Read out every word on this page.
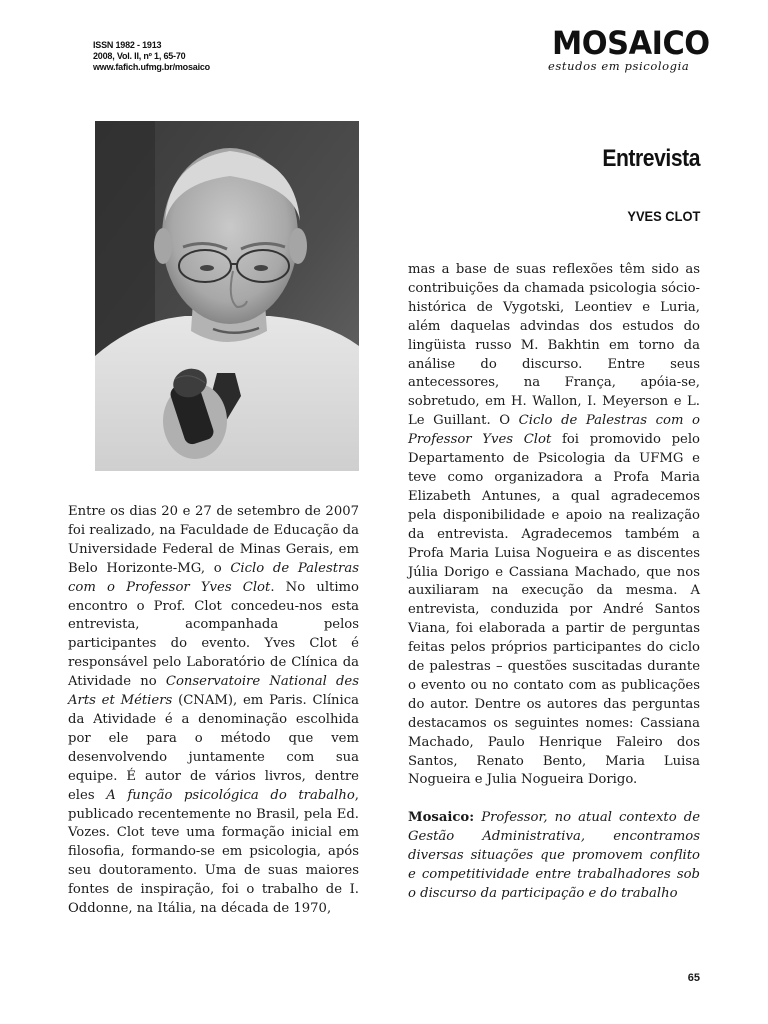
ISSN 1982 - 1913
2008, Vol. II, nº 1, 65-70
www.fafich.ufmg.br/mosaico
MOSAICO
estudos em psicologia
Entrevista
YVES CLOT

Entre os dias 20 e 27 de setembro de 2007 foi realizado, na Faculdade de Educação da Universidade Federal de Minas Gerais, em Belo Horizonte-MG, o Ciclo de Palestras com o Professor Yves Clot. No ultimo encontro o Prof. Clot concedeu-nos esta entrevista, acompanhada pelos participantes do evento. Yves Clot é responsável pelo Laboratório de Clínica da Atividade no Conservatoire National des Arts et Métiers (CNAM), em Paris. Clínica da Atividade é a denominação escolhida por ele para o método que vem desenvolvendo juntamente com sua equipe. É autor de vários livros, dentre eles A função psicológica do trabalho, publicado recentemente no Brasil, pela Ed. Vozes. Clot teve uma formação inicial em filosofia, formando-se em psicologia, após seu doutoramento. Uma de suas maiores fontes de inspiração, foi o trabalho de I. Oddonne, na Itália, na década de 1970,

mas a base de suas reflexões têm sido as contribuições da chamada psicologia sócio-histórica de Vygotski, Leontiev e Luria, além daquelas advindas dos estudos do lingüista russo M. Bakhtin em torno da análise do discurso. Entre seus antecessores, na França, apóia-se, sobretudo, em H. Wallon, I. Meyerson e L. Le Guillant. O Ciclo de Palestras com o Professor Yves Clot foi promovido pelo Departamento de Psicologia da UFMG e teve como organizadora a Profa Maria Elizabeth Antunes, a qual agradecemos pela disponibilidade e apoio na realização da entrevista. Agradecemos também a Profa Maria Luisa Nogueira e as discentes Júlia Dorigo e Cassiana Machado, que nos auxiliaram na execução da mesma. A entrevista, conduzida por André Santos Viana, foi elaborada a partir de perguntas feitas pelos próprios participantes do ciclo de palestras – questões suscitadas durante o evento ou no contato com as publicações do autor. Dentre os autores das perguntas destacamos os seguintes nomes: Cassiana Machado, Paulo Henrique Faleiro dos Santos, Renato Bento, Maria Luisa Nogueira e Julia Nogueira Dorigo.

Mosaico: Professor, no atual contexto de Gestão Administrativa, encontramos diversas situações que promovem conflito e competitividade entre trabalhadores sob o discurso da participação e do trabalho

65
